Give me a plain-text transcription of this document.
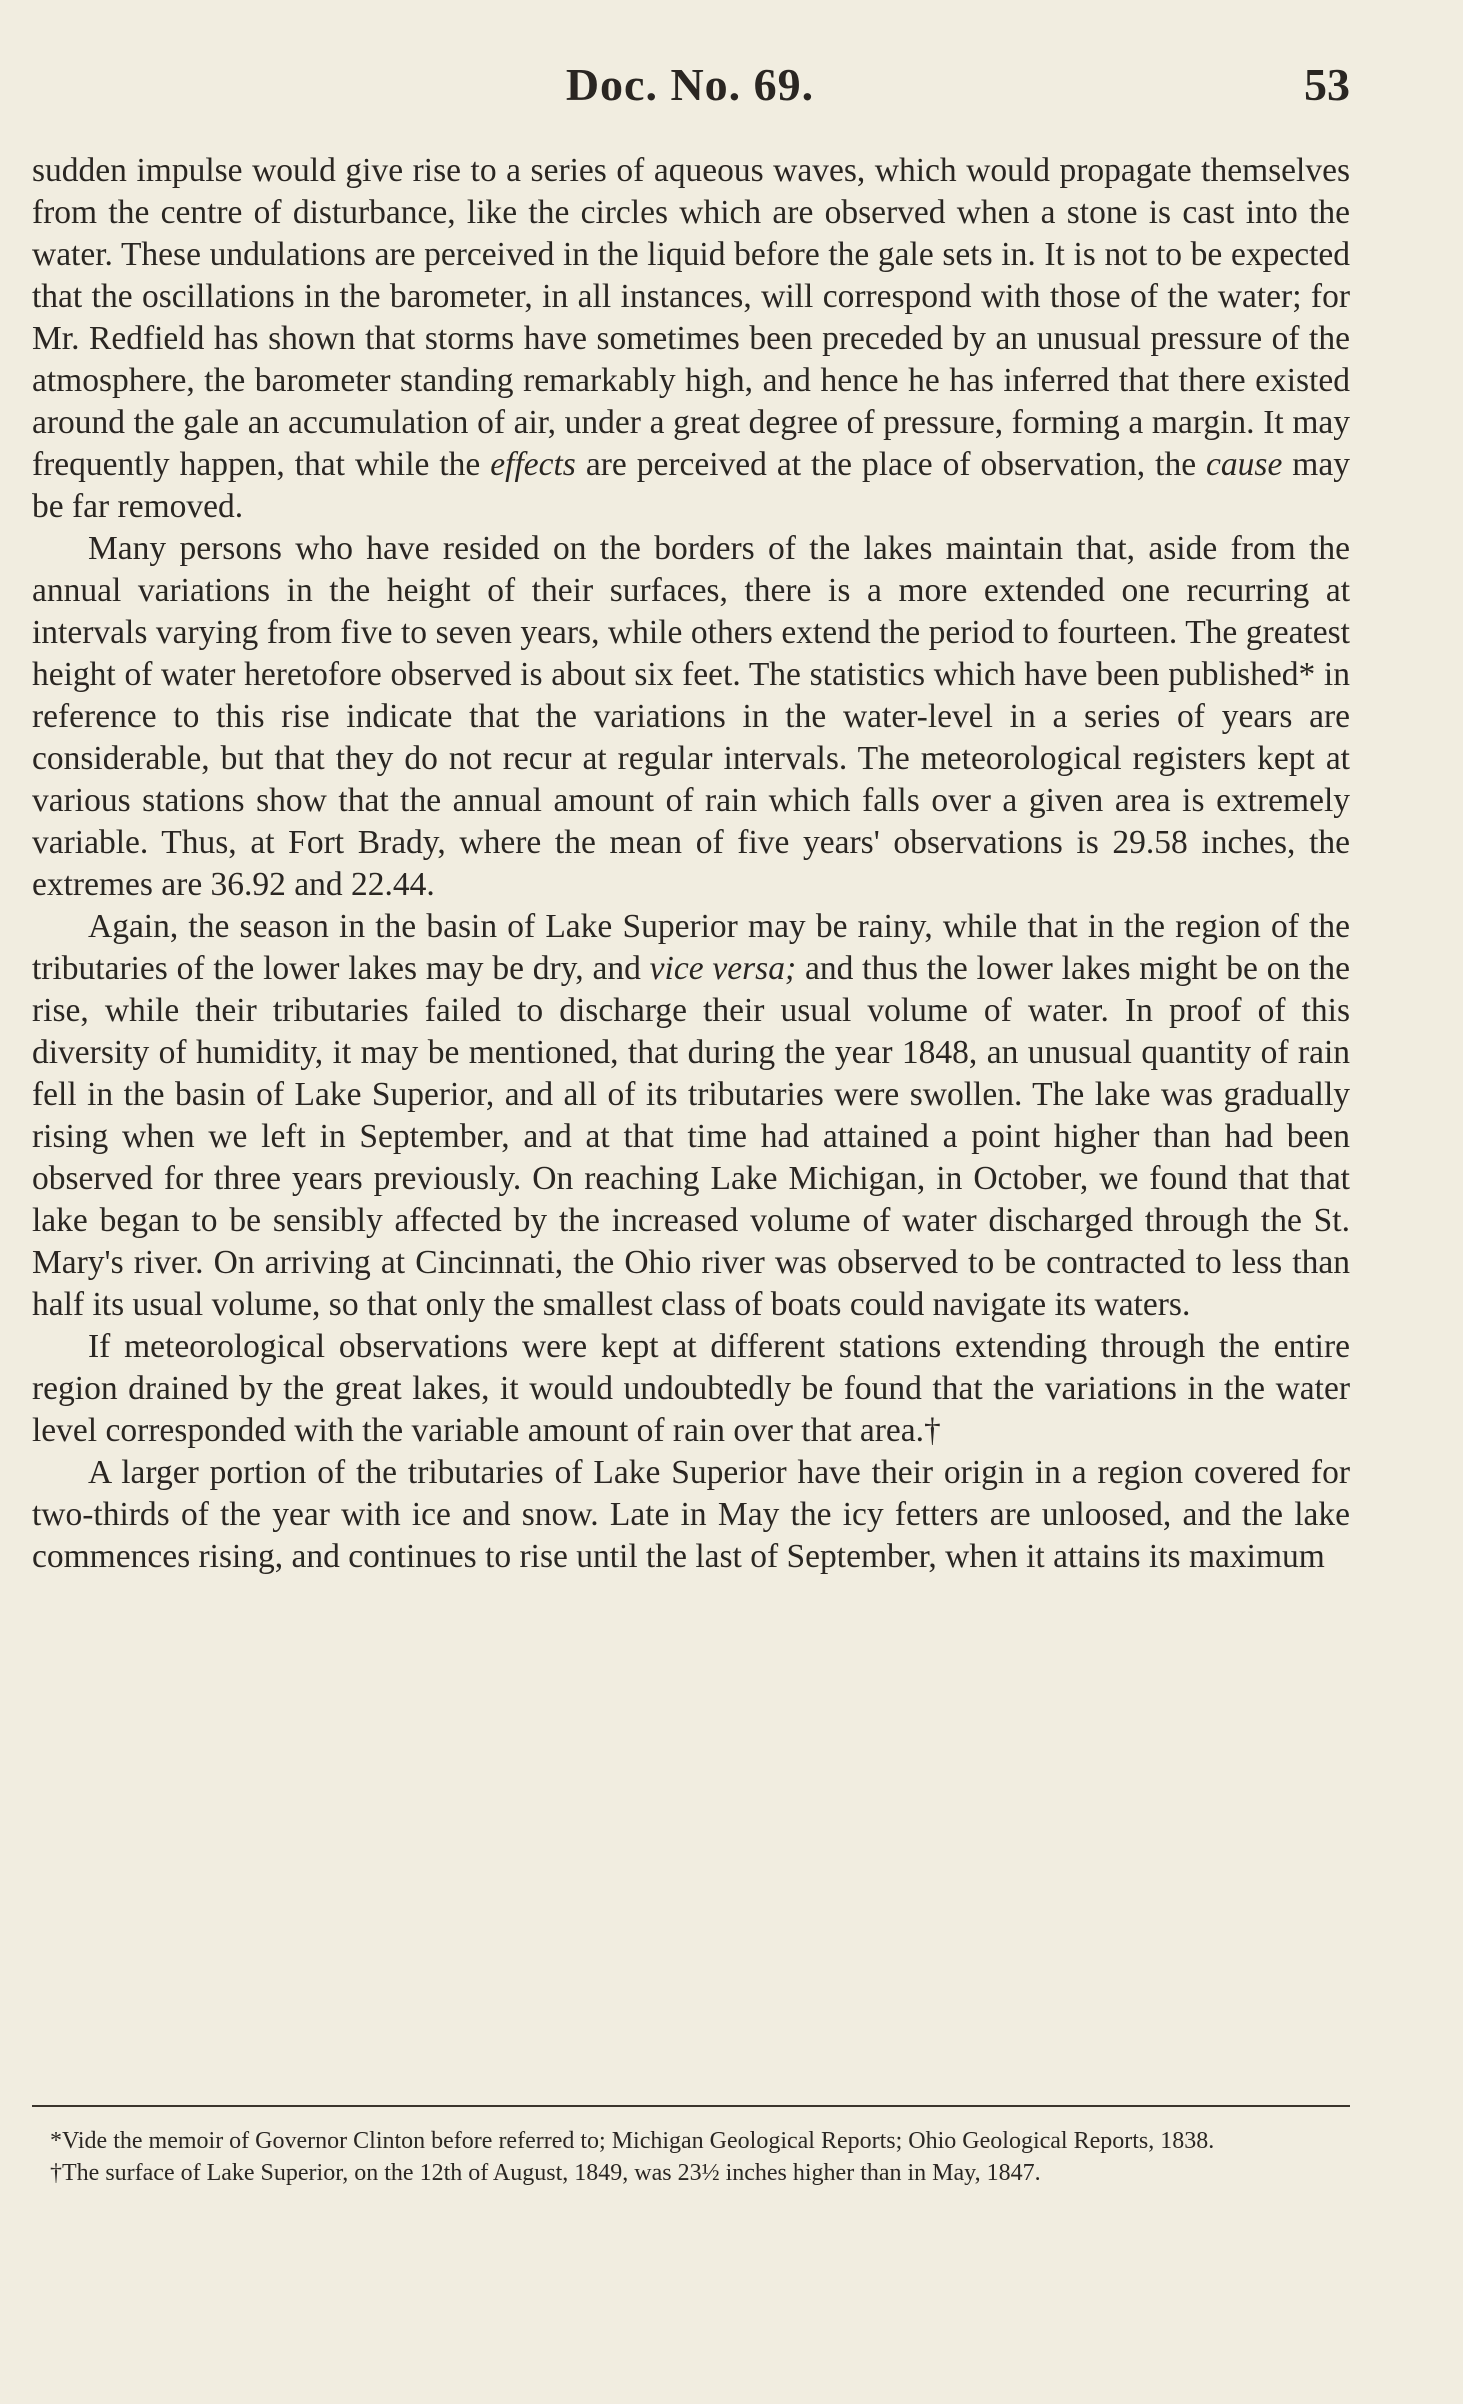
Doc. No. 69.	53

sudden impulse would give rise to a series of aqueous waves, which would propagate themselves from the centre of disturbance, like the circles which are observed when a stone is cast into the water. These undulations are perceived in the liquid before the gale sets in. It is not to be expected that the oscillations in the barometer, in all instances, will correspond with those of the water; for Mr. Redfield has shown that storms have sometimes been preceded by an unusual pressure of the atmosphere, the barometer standing remarkably high, and hence he has inferred that there existed around the gale an accumulation of air, under a great degree of pressure, forming a margin. It may frequently happen, that while the effects are perceived at the place of observation, the cause may be far removed.

Many persons who have resided on the borders of the lakes maintain that, aside from the annual variations in the height of their surfaces, there is a more extended one recurring at intervals varying from five to seven years, while others extend the period to fourteen. The greatest height of water heretofore observed is about six feet. The statistics which have been published* in reference to this rise indicate that the variations in the water-level in a series of years are considerable, but that they do not recur at regular intervals. The meteorological registers kept at various stations show that the annual amount of rain which falls over a given area is extremely variable. Thus, at Fort Brady, where the mean of five years' observations is 29.58 inches, the extremes are 36.92 and 22.44.

Again, the season in the basin of Lake Superior may be rainy, while that in the region of the tributaries of the lower lakes may be dry, and vice versa; and thus the lower lakes might be on the rise, while their tributaries failed to discharge their usual volume of water. In proof of this diversity of humidity, it may be mentioned, that during the year 1848, an unusual quantity of rain fell in the basin of Lake Superior, and all of its tributaries were swollen. The lake was gradually rising when we left in September, and at that time had attained a point higher than had been observed for three years previously. On reaching Lake Michigan, in October, we found that that lake began to be sensibly affected by the increased volume of water discharged through the St. Mary's river. On arriving at Cincinnati, the Ohio river was observed to be contracted to less than half its usual volume, so that only the smallest class of boats could navigate its waters.

If meteorological observations were kept at different stations extending through the entire region drained by the great lakes, it would undoubtedly be found that the variations in the water level corresponded with the variable amount of rain over that area.†

A larger portion of the tributaries of Lake Superior have their origin in a region covered for two-thirds of the year with ice and snow. Late in May the icy fetters are unloosed, and the lake commences rising, and continues to rise until the last of September, when it attains its maximum

*Vide the memoir of Governor Clinton before referred to; Michigan Geological Reports; Ohio Geological Reports, 1838.

†The surface of Lake Superior, on the 12th of August, 1849, was 23½ inches higher than in May, 1847.
